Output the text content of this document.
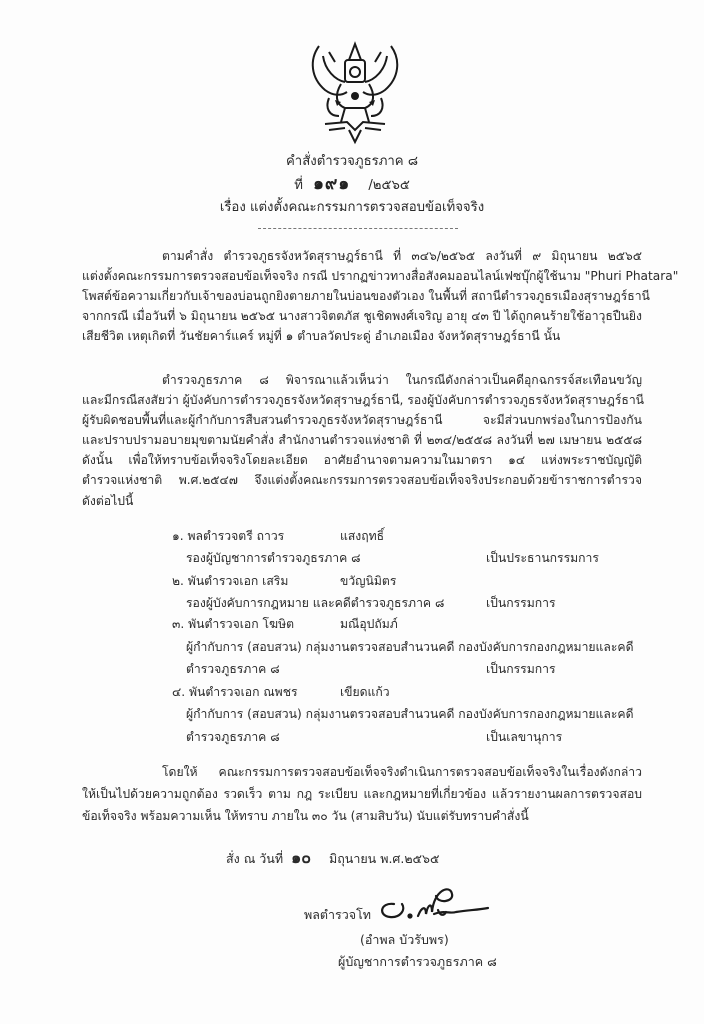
คำสั่งตำรวจภูธรภาค ๘
ที่ ๑๙๑ /๒๕๖๕
เรื่อง แต่งตั้งคณะกรรมการตรวจสอบข้อเท็จจริง
ตามคำสั่ง ตำรวจภูธรจังหวัดสุราษฎร์ธานี ที่ ๓๔๖/๒๕๖๕ ลงวันที่ ๙ มิถุนายน ๒๕๖๕
แต่งตั้งคณะกรรมการตรวจสอบข้อเท็จจริง กรณี ปรากฏข่าวทางสื่อสังคมออนไลน์เฟซบุ๊กผู้ใช้นาม "Phuri Phatara"
โพสต์ข้อความเกี่ยวกับเจ้าของบ่อนถูกยิงตายภายในบ่อนของตัวเอง ในพื้นที่ สถานีตำรวจภูธรเมืองสุราษฎร์ธานี
จากกรณี เมื่อวันที่ ๖ มิถุนายน ๒๕๖๕ นางสาวจิตตภัส ชูเชิดพงศ์เจริญ อายุ ๔๓ ปี ได้ถูกคนร้ายใช้อาวุธปืนยิง
เสียชีวิต เหตุเกิดที่ วันชัยคาร์แคร์ หมู่ที่ ๑ ตำบลวัดประดู่ อำเภอเมือง จังหวัดสุราษฎร์ธานี นั้น
ตำรวจภูธรภาค ๘ พิจารณาแล้วเห็นว่า ในกรณีดังกล่าวเป็นคดีอุกฉกรรจ์สะเทือนขวัญ
และมีกรณีสงสัยว่า ผู้บังคับการตำรวจภูธรจังหวัดสุราษฎร์ธานี, รองผู้บังคับการตำรวจภูธรจังหวัดสุราษฎร์ธานี
ผู้รับผิดชอบพื้นที่และผู้กำกับการสืบสวนตำรวจภูธรจังหวัดสุราษฎร์ธานี จะมีส่วนบกพร่องในการป้องกัน
และปราบปรามอบายมุขตามนัยคำสั่ง สำนักงานตำรวจแห่งชาติ ที่ ๒๓๔/๒๕๕๘ ลงวันที่ ๒๗ เมษายน ๒๕๕๘
ดังนั้น เพื่อให้ทราบข้อเท็จจริงโดยละเอียด อาศัยอำนาจตามความในมาตรา ๑๔ แห่งพระราชบัญญัติ
ตำรวจแห่งชาติ พ.ศ.๒๕๔๗ จึงแต่งตั้งคณะกรรมการตรวจสอบข้อเท็จจริงประกอบด้วยข้าราชการตำรวจ
ดังต่อไปนี้
๑. พลตำรวจตรี ถาวร	แสงฤทธิ์
รองผู้บัญชาการตำรวจภูธรภาค ๘	เป็นประธานกรรมการ
๒. พันตำรวจเอก เสริม	ขวัญนิมิตร
รองผู้บังคับการกฎหมาย และคดีตำรวจภูธรภาค ๘	เป็นกรรมการ
๓. พันตำรวจเอก โฆษิต	มณีอุปถัมภ์
ผู้กำกับการ (สอบสวน) กลุ่มงานตรวจสอบสำนวนคดี กองบังคับการกองกฎหมายและคดี
ตำรวจภูธรภาค ๘	เป็นกรรมการ
๔. พันตำรวจเอก ณพชร	เขียดแก้ว
ผู้กำกับการ (สอบสวน) กลุ่มงานตรวจสอบสำนวนคดี กองบังคับการกองกฎหมายและคดี
ตำรวจภูธรภาค ๘	เป็นเลขานุการ
โดยให้ คณะกรรมการตรวจสอบข้อเท็จจริงดำเนินการตรวจสอบข้อเท็จจริงในเรื่องดังกล่าว
ให้เป็นไปด้วยความถูกต้อง รวดเร็ว ตาม กฎ ระเบียบ และกฎหมายที่เกี่ยวข้อง แล้วรายงานผลการตรวจสอบ
ข้อเท็จจริง พร้อมความเห็น ให้ทราบ ภายใน ๓๐ วัน (สามสิบวัน) นับแต่รับทราบคำสั่งนี้
สั่ง ณ วันที่ ๑๐ มิถุนายน พ.ศ.๒๕๖๕
พลตำรวจโท
(อำพล บัวรับพร)
ผู้บัญชาการตำรวจภูธรภาค ๘
